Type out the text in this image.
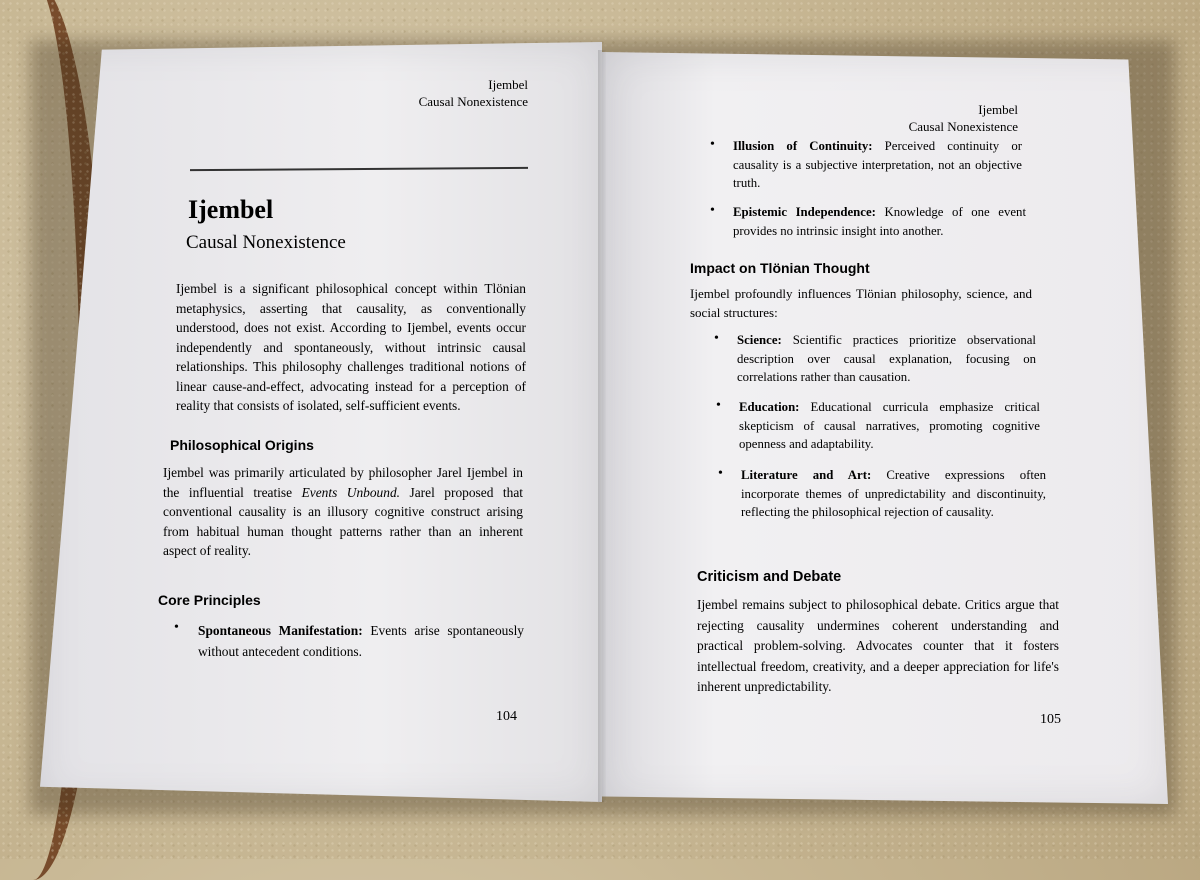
Ijembel
Causal Nonexistence
Ijembel
Causal Nonexistence
Ijembel is a significant philosophical concept within Tlönian metaphysics, asserting that causality, as conventionally understood, does not exist. According to Ijembel, events occur independently and spontaneously, without intrinsic causal relationships. This philosophy challenges traditional notions of linear cause-and-effect, advocating instead for a perception of reality that consists of isolated, self-sufficient events.
Philosophical Origins
Ijembel was primarily articulated by philosopher Jarel Ijembel in the influential treatise Events Unbound. Jarel proposed that conventional causality is an illusory cognitive construct arising from habitual human thought patterns rather than an inherent aspect of reality.
Core Principles
•	Spontaneous Manifestation: Events arise spontaneously without antecedent conditions.
104
Ijembel
Causal Nonexistence
•	Illusion of Continuity: Perceived continuity or causality is a subjective interpretation, not an objective truth.
•	Epistemic Independence: Knowledge of one event provides no intrinsic insight into another.
Impact on Tlönian Thought
Ijembel profoundly influences Tlönian philosophy, science, and social structures:
•	Science: Scientific practices prioritize observational description over causal explanation, focusing on correlations rather than causation.
•	Education: Educational curricula emphasize critical skepticism of causal narratives, promoting cognitive openness and adaptability.
•	Literature and Art: Creative expressions often incorporate themes of unpredictability and discontinuity, reflecting the philosophical rejection of causality.
Criticism and Debate
Ijembel remains subject to philosophical debate. Critics argue that rejecting causality undermines coherent understanding and practical problem-solving. Advocates counter that it fosters intellectual freedom, creativity, and a deeper appreciation for life's inherent unpredictability.
105
